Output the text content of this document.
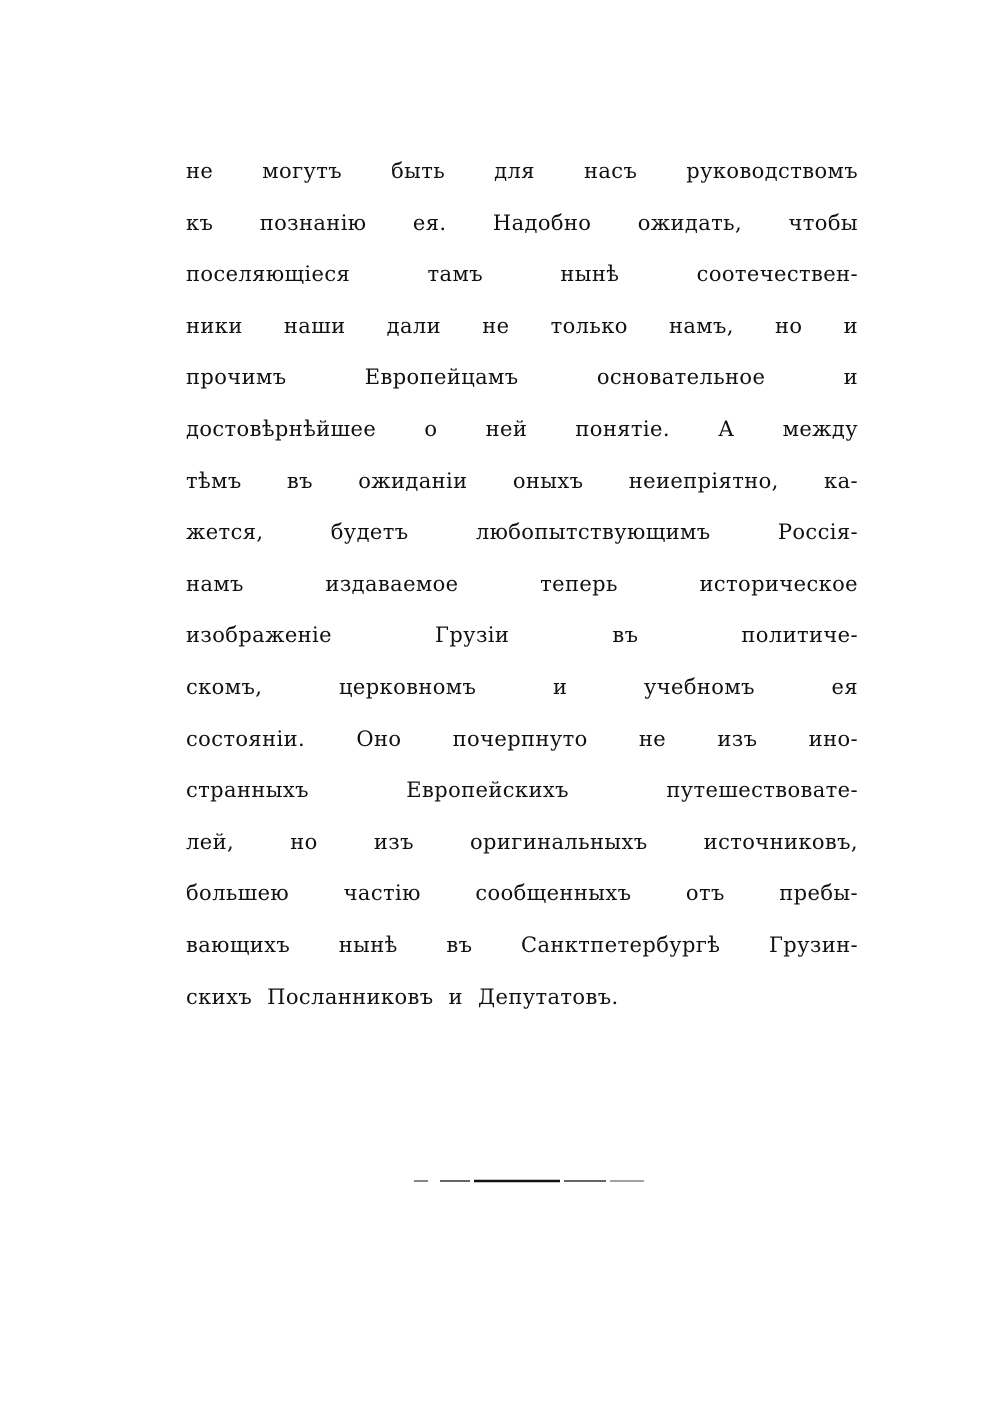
не могутъ быть для насъ руководствомъ
къ познанію ея. Надобно ожидать, чтобы
поселяющіеся тамъ нынѣ соотечествен-
ники наши дали не только намъ, но и
прочимъ Европейцамъ основательное и
достовѣрнѣйшее о ней понятіе. А между
тѣмъ въ ожиданіи оныхъ неиепріятно, ка-
жется, будетъ любопытствующимъ Россія-
намъ издаваемое теперь историческое
изображеніе Грузіи въ политиче-
скомъ, церковномъ и учебномъ ея
состояніи. Оно почерпнуто не изъ ино-
странныхъ Европейскихъ путешествовате-
лей, но изъ оригинальныхъ источниковъ,
большею частію сообщенныхъ отъ пребы-
вающихъ нынѣ въ Санктпетербургѣ Грузин-
скихъ Посланниковъ и Депутатовъ.
